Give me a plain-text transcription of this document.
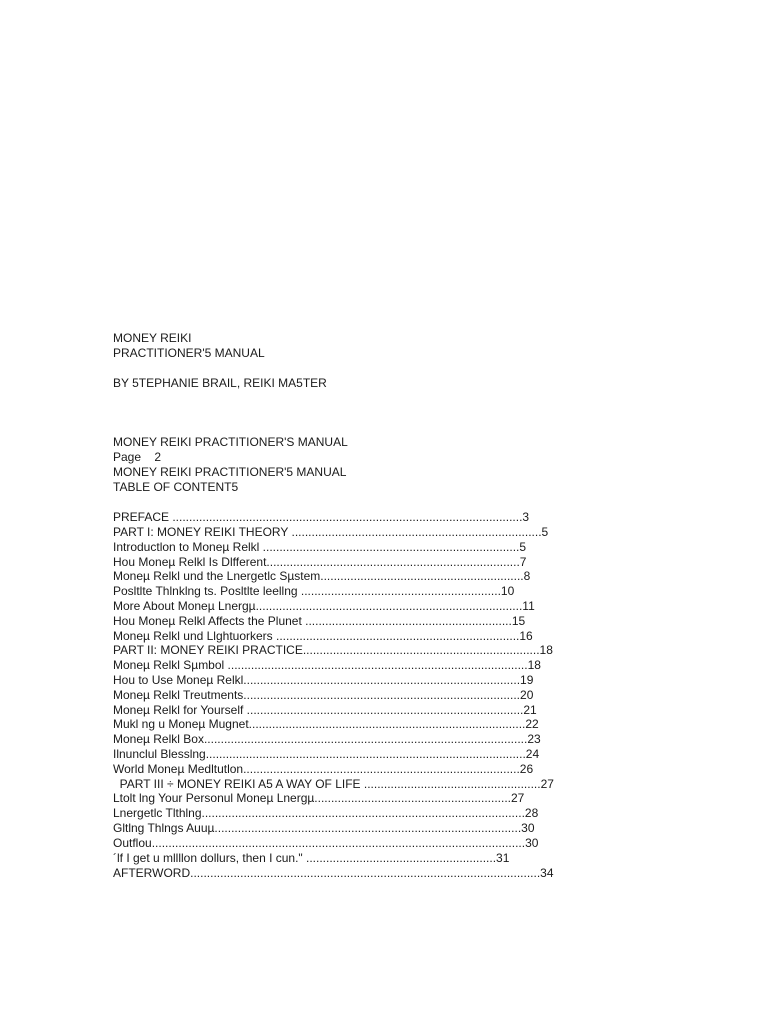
MONEY REIKI
PRACTITIONER'5 MANUAL
BY 5TEPHANIE BRAIL, REIKI MA5TER
MONEY REIKI PRACTITIONER'S MANUAL
Page    2
MONEY REIKI PRACTITIONER'5 MANUAL
TABLE OF CONTENT5
PREFACE .........................................................................................................3
PART I: MONEY REIKI THEORY ...........................................................................5
Introductlon to Moneµ Relkl .............................................................................5
Hou Moneµ Relkl Is Dlfferent............................................................................7
Moneµ Relkl und the Lnergetlc Sµstem.............................................................8
Posltlte Thlnklng ts. Posltlte leellng ............................................................10
More About Moneµ Lnergµ................................................................................11
Hou Moneµ Relkl Affects the Plunet ..............................................................15
Moneµ Relkl und Llghtuorkers .........................................................................16
PART II: MONEY REIKI PRACTICE.......................................................................18
Moneµ Relkl Sµmbol ..........................................................................................18
Hou to Use Moneµ Relkl...................................................................................19
Moneµ Relkl Treutments...................................................................................20
Moneµ Relkl for Yourself ...................................................................................21
Mukl ng u Moneµ Mugnet...................................................................................22
Moneµ Relkl Box.................................................................................................23
Ilnunclul Blesslng................................................................................................24
World Moneµ Medltutlon...................................................................................26
PART III ÷ MONEY REIKI A5 A WAY OF LIFE .....................................................27
Ltolt lng Your Personul Moneµ Lnergµ...........................................................27
Lnergetlc Tlthlng.................................................................................................28
Gltlng Thlngs Auuµ............................................................................................30
Outflou................................................................................................................30
´lf I get u mllllon dollurs, then I cun." .........................................................31
AFTERWORD.........................................................................................................34
